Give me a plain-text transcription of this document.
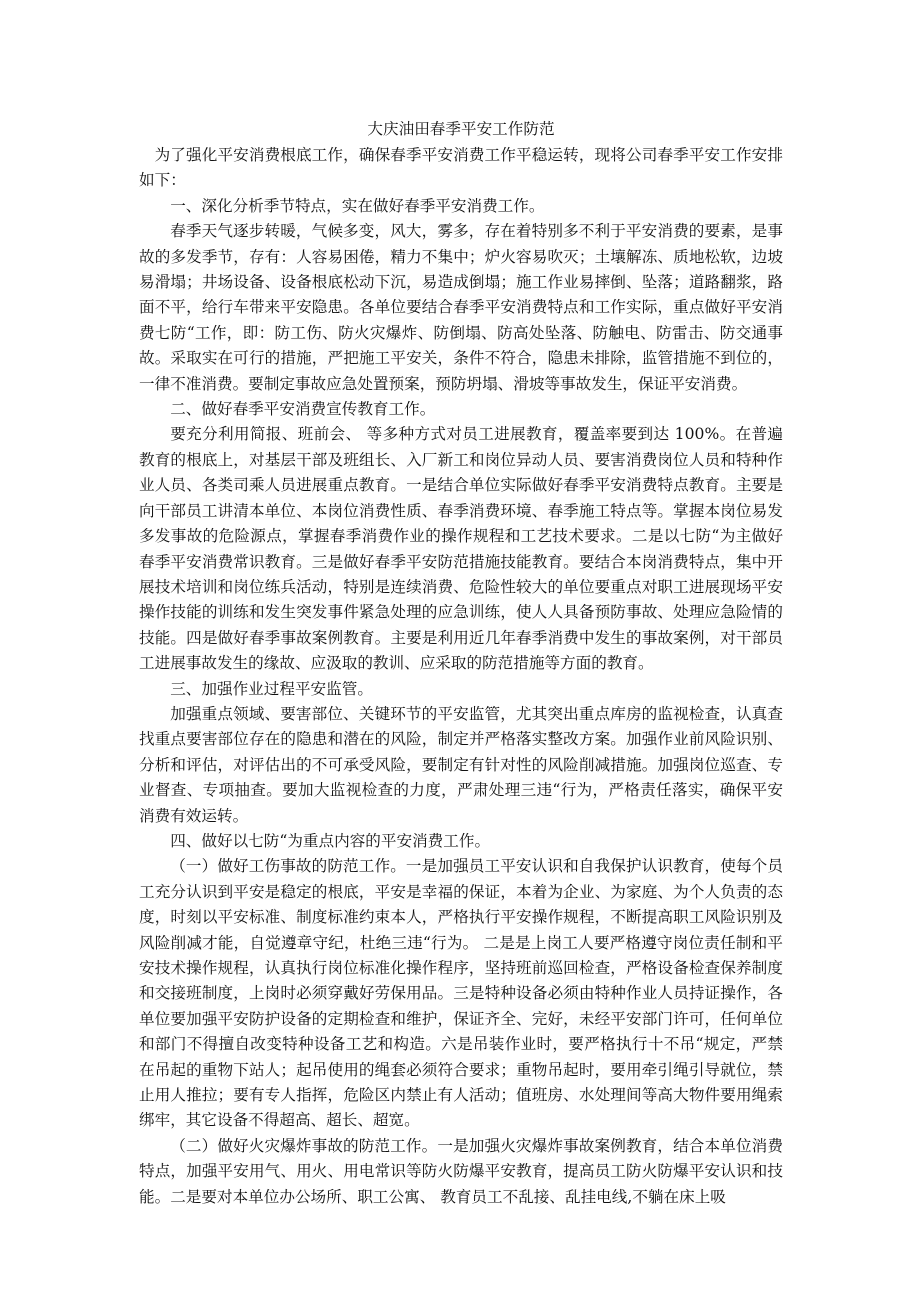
大庆油田春季平安工作防范

为了强化平安消费根底工作，确保春季平安消费工作平稳运转，现将公司春季平安工作安排如下：

一、深化分析季节特点，实在做好春季平安消费工作。

春季天气逐步转暖，气候多变，风大，雾多，存在着特别多不利于平安消费的要素，是事故的多发季节，存有：人容易困倦，精力不集中；炉火容易吹灭；土壤解冻、质地松软，边坡易滑塌；井场设备、设备根底松动下沉，易造成倒塌；施工作业易摔倒、坠落；道路翻浆，路面不平，给行车带来平安隐患。各单位要结合春季平安消费特点和工作实际，重点做好平安消费七防“工作，即：防工伤、防火灾爆炸、防倒塌、防高处坠落、防触电、防雷击、防交通事故。采取实在可行的措施，严把施工平安关，条件不符合，隐患未排除，监管措施不到位的，一律不准消费。要制定事故应急处置预案，预防坍塌、滑坡等事故发生，保证平安消费。

二、做好春季平安消费宣传教育工作。

要充分利用简报、班前会、 等多种方式对员工进展教育，覆盖率要到达 100%。在普遍教育的根底上，对基层干部及班组长、入厂新工和岗位异动人员、要害消费岗位人员和特种作业人员、各类司乘人员进展重点教育。一是结合单位实际做好春季平安消费特点教育。主要是向干部员工讲清本单位、本岗位消费性质、春季消费环境、春季施工特点等。掌握本岗位易发多发事故的危险源点，掌握春季消费作业的操作规程和工艺技术要求。二是以七防“为主做好春季平安消费常识教育。三是做好春季平安防范措施技能教育。要结合本岗消费特点，集中开展技术培训和岗位练兵活动，特别是连续消费、危险性较大的单位要重点对职工进展现场平安操作技能的训练和发生突发事件紧急处理的应急训练，使人人具备预防事故、处理应急险情的技能。四是做好春季事故案例教育。主要是利用近几年春季消费中发生的事故案例，对干部员工进展事故发生的缘故、应汲取的教训、应采取的防范措施等方面的教育。

三、加强作业过程平安监管。

加强重点领域、要害部位、关键环节的平安监管，尤其突出重点库房的监视检查，认真查找重点要害部位存在的隐患和潜在的风险，制定并严格落实整改方案。加强作业前风险识别、分析和评估，对评估出的不可承受风险，要制定有针对性的风险削减措施。加强岗位巡查、专业督查、专项抽查。要加大监视检查的力度，严肃处理三违“行为，严格责任落实，确保平安消费有效运转。

四、做好以七防“为重点内容的平安消费工作。

（一）做好工伤事故的防范工作。一是加强员工平安认识和自我保护认识教育，使每个员工充分认识到平安是稳定的根底，平安是幸福的保证，本着为企业、为家庭、为个人负责的态度，时刻以平安标准、制度标准约束本人，严格执行平安操作规程，不断提高职工风险识别及风险削减才能，自觉遵章守纪，杜绝三违“行为。 二是是上岗工人要严格遵守岗位责任制和平安技术操作规程，认真执行岗位标准化操作程序，坚持班前巡回检查，严格设备检查保养制度和交接班制度，上岗时必须穿戴好劳保用品。三是特种设备必须由特种作业人员持证操作，各单位要加强平安防护设备的定期检查和维护，保证齐全、完好，未经平安部门许可，任何单位和部门不得擅自改变特种设备工艺和构造。六是吊装作业时，要严格执行十不吊“规定，严禁在吊起的重物下站人；起吊使用的绳套必须符合要求；重物吊起时，要用牵引绳引导就位，禁止用人推拉；要有专人指挥，危险区内禁止有人活动；值班房、水处理间等高大物件要用绳索绑牢，其它设备不得超高、超长、超宽。

（二）做好火灾爆炸事故的防范工作。一是加强火灾爆炸事故案例教育，结合本单位消费特点，加强平安用气、用火、用电常识等防火防爆平安教育，提高员工防火防爆平安认识和技能。二是要对本单位办公场所、职工公寓、 教育员工不乱接、乱挂电线,不躺在床上吸
